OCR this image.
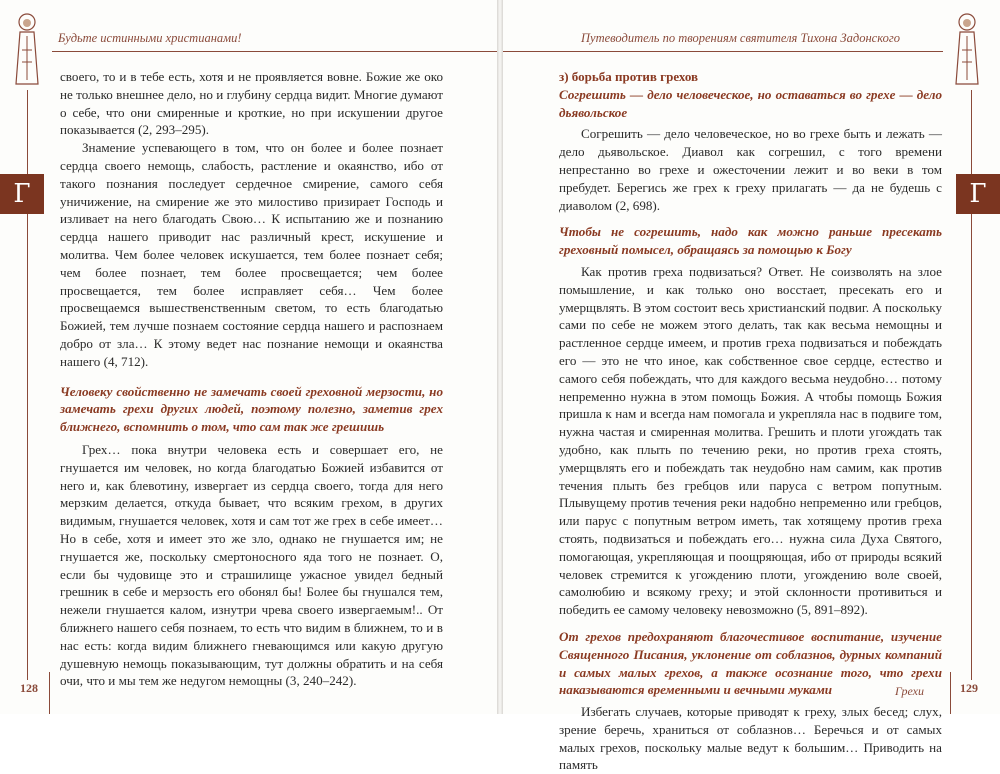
Будьте истинными христианами!
Г

своего, то и в тебе есть, хотя и не проявляется вовне. Божие же око не только внешнее дело, но и глубину сердца видит. Многие думают о себе, что они смиренные и кроткие, но при искушении другое показывается (2, 293–295).

Знамение успевающего в том, что он более и более познает сердца своего немощь, слабость, растление и окаянство, ибо от такого познания последует сердечное смирение, самого себя уничижение, на смирение же это милостиво призирает Господь и изливает на него благодать Свою… К испытанию же и познанию сердца нашего приводит нас различный крест, искушение и молитва. Чем более человек искушается, тем более познает себя; чем более познает, тем более просвещается; чем более просвещается, тем более исправляет себя… Чем более просвещаемся вышественственным светом, то есть благодатью Божией, тем лучше познаем состояние сердца нашего и распознаем добро от зла… К этому ведет нас познание немощи и окаянства нашего (4, 712).

Человеку свойственно не замечать своей греховной мерзости, но замечать грехи других людей, поэтому полезно, заметив грех ближнего, вспомнить о том, что сам так же грешишь

Грех… пока внутри человека есть и совершает его, не гнушается им человек, но когда благодатью Божией избавится от него и, как блевотину, извергает из сердца своего, тогда для него мерзким делается, откуда бывает, что всяким грехом, в других видимым, гнушается человек, хотя и сам тот же грех в себе имеет… Но в себе, хотя и имеет это же зло, однако не гнушается им; не гнушается же, поскольку смертоносного яда того не познает. О, если бы чудовище это и страшилище ужасное увидел бедный грешник в себе и мерзость его обонял бы! Более бы гнушался тем, нежели гнушается калом, изнутри чрева своего извергаемым!.. От ближнего нашего себя познаем, то есть что видим в ближнем, то и в нас есть: когда видим ближнего гневающимся или какую другую душевную немощь показывающим, тут должны обратить и на себя очи, что и мы тем же недугом немощны (3, 240–242).

128
Путеводитель по творениям святителя Тихона Задонского
Г

з) борьба против грехов

Согрешить — дело человеческое, но оставаться во грехе — дело дьявольское

Согрешить — дело человеческое, но во грехе быть и лежать — дело дьявольское. Диавол как согрешил, с того времени непрестанно во грехе и ожесточении лежит и во веки в том пребудет. Берегись же грех к греху прилагать — да не будешь с диаволом (2, 698).

Чтобы не согрешить, надо как можно раньше пресекать греховный помысел, обращаясь за помощью к Богу

Как против греха подвизаться? Ответ. Не соизволять на злое помышление, и как только оно восстает, пресекать его и умерщвлять. В этом состоит весь христианский подвиг. А поскольку сами по себе не можем этого делать, так как весьма немощны и растленное сердце имеем, и против греха подвизаться и побеждать его — это не что иное, как собственное свое сердце, естество и самого себя побеждать, что для каждого весьма неудобно… потому непременно нужна в этом помощь Божия. А чтобы помощь Божия пришла к нам и всегда нам помогала и укрепляла нас в подвиге том, нужна частая и смиренная молитва. Грешить и плоти угождать так удобно, как плыть по течению реки, но против греха стоять, умерщвлять его и побеждать так неудобно нам самим, как против течения плыть без гребцов или паруса с ветром попутным. Плывущему против течения реки надобно непременно или гребцов, или парус с попутным ветром иметь, так хотящему против греха стоять, подвизаться и побеждать его… нужна сила Духа Святого, помогающая, укрепляющая и поощряющая, ибо от природы всякий человек стремится к угождению плоти, угождению воле своей, самолюбию и всякому греху; и этой склонности противиться и победить ее самому человеку невозможно (5, 891–892).

От грехов предохраняют благочестивое воспитание, изучение Священного Писания, уклонение от соблазнов, дурных компаний и самых малых грехов, а также осознание того, что грехи наказываются временными и вечными муками

Избегать случаев, которые приводят к греху, злых бесед; слух, зрение беречь, храниться от соблазнов… Беречься и от самых малых грехов, поскольку малые ведут к большим… Приводить на память

Грехи	129
